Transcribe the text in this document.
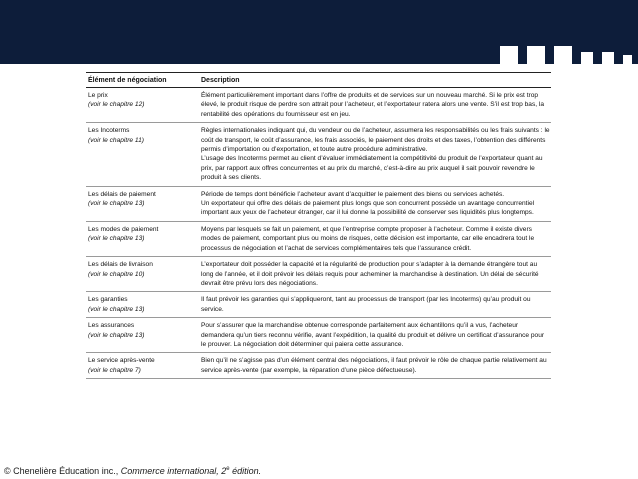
Élément de négociation	Description
Le prix
(voir le chapitre 12)

Élément particulièrement important dans l’offre de produits et de services sur un nouveau marché. Si le prix est trop élevé, le produit risque de perdre son attrait pour l’acheteur, et l’exportateur ratera alors une vente. S’il est trop bas, la rentabilité des opérations du fournisseur est en jeu.

Les Incoterms
(voir le chapitre 11)

Règles internationales indiquant qui, du vendeur ou de l’acheteur, assumera les responsabilités ou les frais suivants : le coût de transport, le coût d’assurance, les frais associés, le paiement des droits et des taxes, l’obtention des différents permis d’importation ou d’exportation, et toute autre procédure administrative.

L’usage des Incoterms permet au client d’évaluer immédiatement la compétitivité du produit de l’exportateur quant au prix, par rapport aux offres concurrentes et au prix du marché, c’est-à-dire au prix auquel il sait pouvoir revendre le produit à ses clients.

Les délais de paiement
(voir le chapitre 13)

Période de temps dont bénéficie l’acheteur avant d’acquitter le paiement des biens ou services achetés.

Un exportateur qui offre des délais de paiement plus longs que son concurrent possède un avantage concurrentiel important aux yeux de l’acheteur étranger, car il lui donne la possibilité de conserver ses liquidités plus longtemps.

Les modes de paiement
(voir le chapitre 13)

Moyens par lesquels se fait un paiement, et que l’entreprise compte proposer à l’acheteur. Comme il existe divers modes de paiement, comportant plus ou moins de risques, cette décision est importante, car elle encadrera tout le processus de négociation et l’achat de services complémentaires tels que l’assurance crédit.

Les délais de livraison
(voir le chapitre 10)

L’exportateur doit posséder la capacité et la régularité de production pour s’adapter à la demande étrangère tout au long de l’année, et il doit prévoir les délais requis pour acheminer la marchandise à destination. Un délai de sécurité devrait être prévu lors des négociations.

Les garanties
(voir le chapitre 13)

Il faut prévoir les garanties qui s’appliqueront, tant au processus de transport (par les Incoterms) qu’au produit ou service.

Les assurances
(voir le chapitre 13)

Pour s’assurer que la marchandise obtenue corresponde parfaitement aux échantillons qu’il a vus, l’acheteur demandera qu’un tiers reconnu vérifie, avant l’expédition, la qualité du produit et délivre un certificat d’assurance pour le prouver. La négociation doit déterminer qui paiera cette assurance.

Le service après-vente
(voir le chapitre 7)

Bien qu’il ne s’agisse pas d’un élément central des négociations, il faut prévoir le rôle de chaque partie relativement au service après-vente (par exemple, la réparation d’une pièce défectueuse).

© Chenelière Éducation inc., Commerce international, 2e édition.
